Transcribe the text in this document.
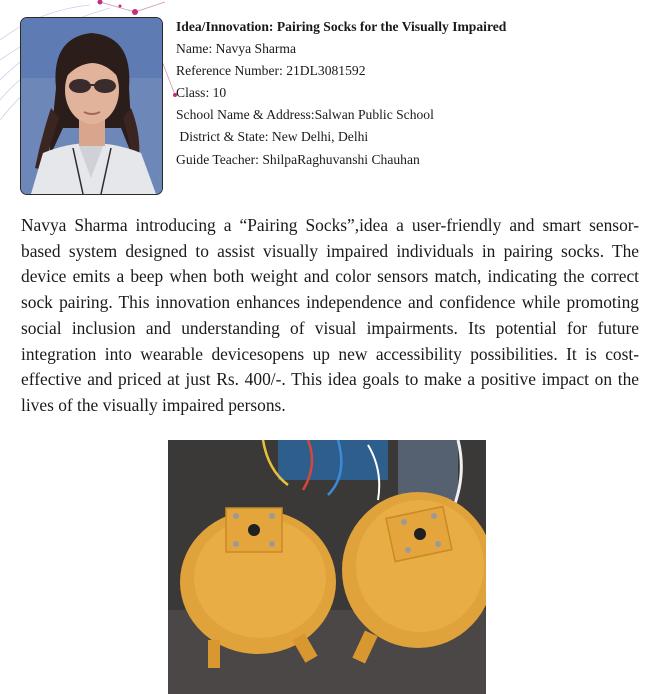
Idea/Innovation: Pairing Socks for the Visually Impaired
Name: Navya Sharma
Reference Number: 21DL3081592
Class: 10
School Name & Address:Salwan Public School
District & State: New Delhi, Delhi
Guide Teacher: ShilpaRaghuvanshi Chauhan
Navya Sharma introducing a “Pairing Socks”,idea a user-friendly and smart sensor-based system designed to assist visually impaired individuals in pairing socks. The device emits a beep when both weight and color sensors match, indicating the correct sock pairing. This innovation enhances independence and confidence while promoting social inclusion and understanding of visual impairments. Its potential for future integration into wearable devicesopens up new accessibility possibilities. It is cost-effective and priced at just Rs. 400/-. This idea goals to make a positive impact on the lives of the visually impaired persons.
